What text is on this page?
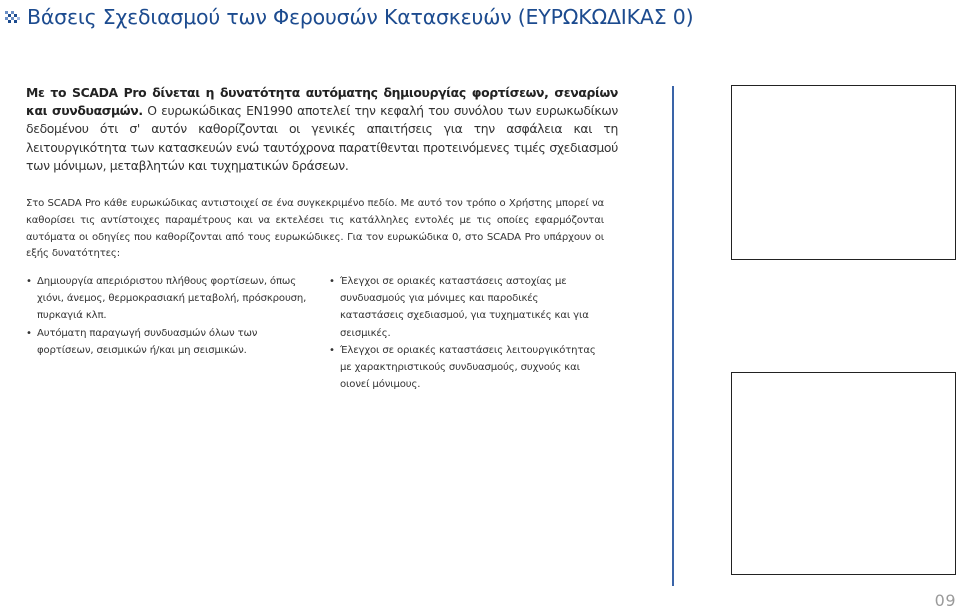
Βάσεις Σχεδιασμού των Φερουσών Κατασκευών (ΕΥΡΩΚΩΔΙΚΑΣ 0)
Με το SCADA Pro δίνεται η δυνατότητα αυτόματης δημιουργίας φορτίσεων, σεναρίων και συνδυασμών. Ο ευρωκώδικας ΕΝ1990 αποτελεί την κεφαλή του συνόλου των ευρωκωδίκων δεδομένου ότι σ' αυτόν καθορίζονται οι γενικές απαιτήσεις για την ασφάλεια και τη λειτουργικότητα των κατασκευών ενώ ταυτόχρονα παρατίθενται προτεινόμενες τιμές σχεδιασμού των μόνιμων, μεταβλητών και τυχηματικών δράσεων.
Στο SCADA Pro κάθε ευρωκώδικας αντιστοιχεί σε ένα συγκεκριμένο πεδίο. Με αυτό τον τρόπο ο Χρήστης μπορεί να καθορίσει τις αντίστοιχες παραμέτρους και να εκτελέσει τις κατάλληλες εντολές με τις οποίες εφαρμόζονται αυτόματα οι οδηγίες που καθορίζονται από τους ευρωκώδικες. Για τον ευρωκώδικα 0, στο SCADA Pro υπάρχουν οι εξής δυνατότητες:
• Δημιουργία απεριόριστου πλήθους φορτίσεων, όπως χιόνι, άνεμος, θερμοκρασιακή μεταβολή, πρόσκρουση, πυρκαγιά κλπ.
• Αυτόματη παραγωγή συνδυασμών όλων των φορτίσεων, σεισμικών ή/και μη σεισμικών.
• Έλεγχοι σε οριακές καταστάσεις αστοχίας με συνδυασμούς για μόνιμες και παροδικές καταστάσεις σχεδιασμού, για τυχηματικές και για σεισμικές.
• Έλεγχοι σε οριακές καταστάσεις λειτουργικότητας με χαρακτηριστικούς συνδυασμούς, συχνούς και οιονεί μόνιμους.
09
